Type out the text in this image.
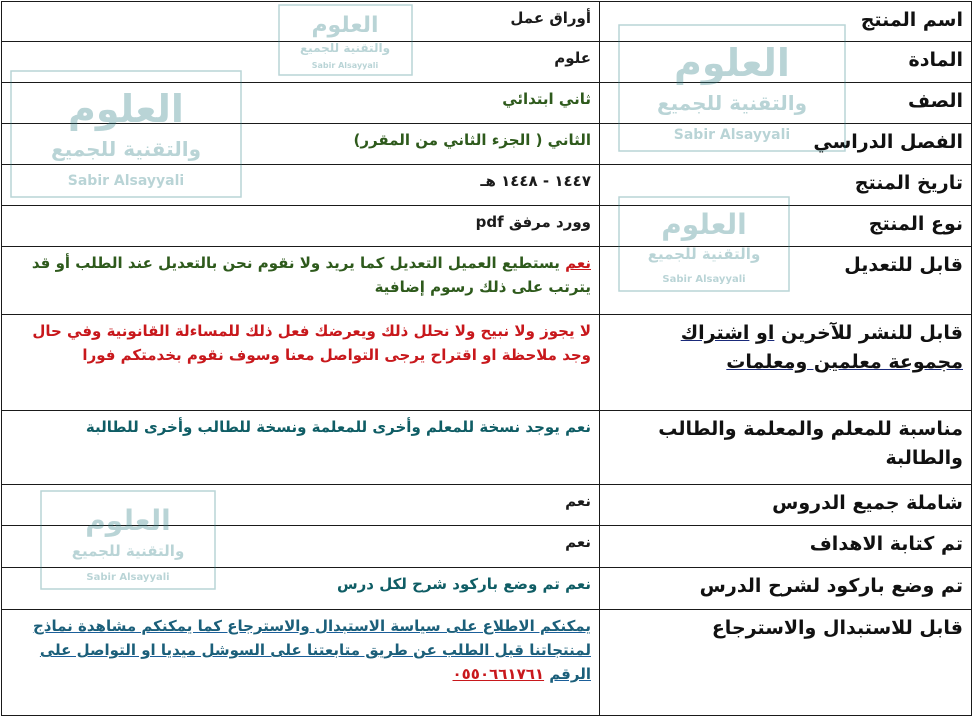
اسم المنتج	أوراق عمل
المادة	علوم
الصف	ثاني ابتدائي
الفصل الدراسي	الثاني ( الجزء الثاني من المقرر)
تاريخ المنتج	١٤٤٧ - ١٤٤٨ هـ
نوع المنتج	وورد مرفق pdf
قابل للتعديل	نعم يستطيع العميل التعديل كما يريد ولا نقوم نحن بالتعديل عند الطلب أو قد يترتب على ذلك رسوم إضافية
قابل للنشر للآخرين او اشتراك مجموعة معلمين ومعلمات	لا يجوز ولا نبيح ولا نحلل ذلك ويعرضك فعل ذلك للمساءلة القانونية وفي حال وجد ملاحظة او اقتراح يرجى التواصل معنا وسوف نقوم بخدمتكم فورا
مناسبة للمعلم والمعلمة والطالب والطالبة	نعم يوجد نسخة للمعلم وأخرى للمعلمة ونسخة للطالب وأخرى للطالبة
شاملة جميع الدروس	نعم
تم كتابة الاهداف	نعم
تم وضع باركود لشرح الدرس	نعم تم وضع باركود شرح لكل درس
قابل للاستبدال والاسترجاع	يمكنكم الاطلاع على سياسة الاستبدال والاسترجاع كما يمكنكم مشاهدة نماذج لمنتجاتنا قبل الطلب عن طريق متابعتنا على السوشل ميديا او التواصل على الرقم ٠٥٥٠٦٦١٧٦١
العلوم
والتقنية للجميع
Sabir Alsayyali	العلوم
والتقنية للجميع
Sabir Alsayyali
العلوم
والتقنية للجميع
Sabir Alsayyali
العلوم
والتقنية للجميع
Sabir Alsayyali
العلوم
والتقنية للجميع
Sabir Alsayyali
